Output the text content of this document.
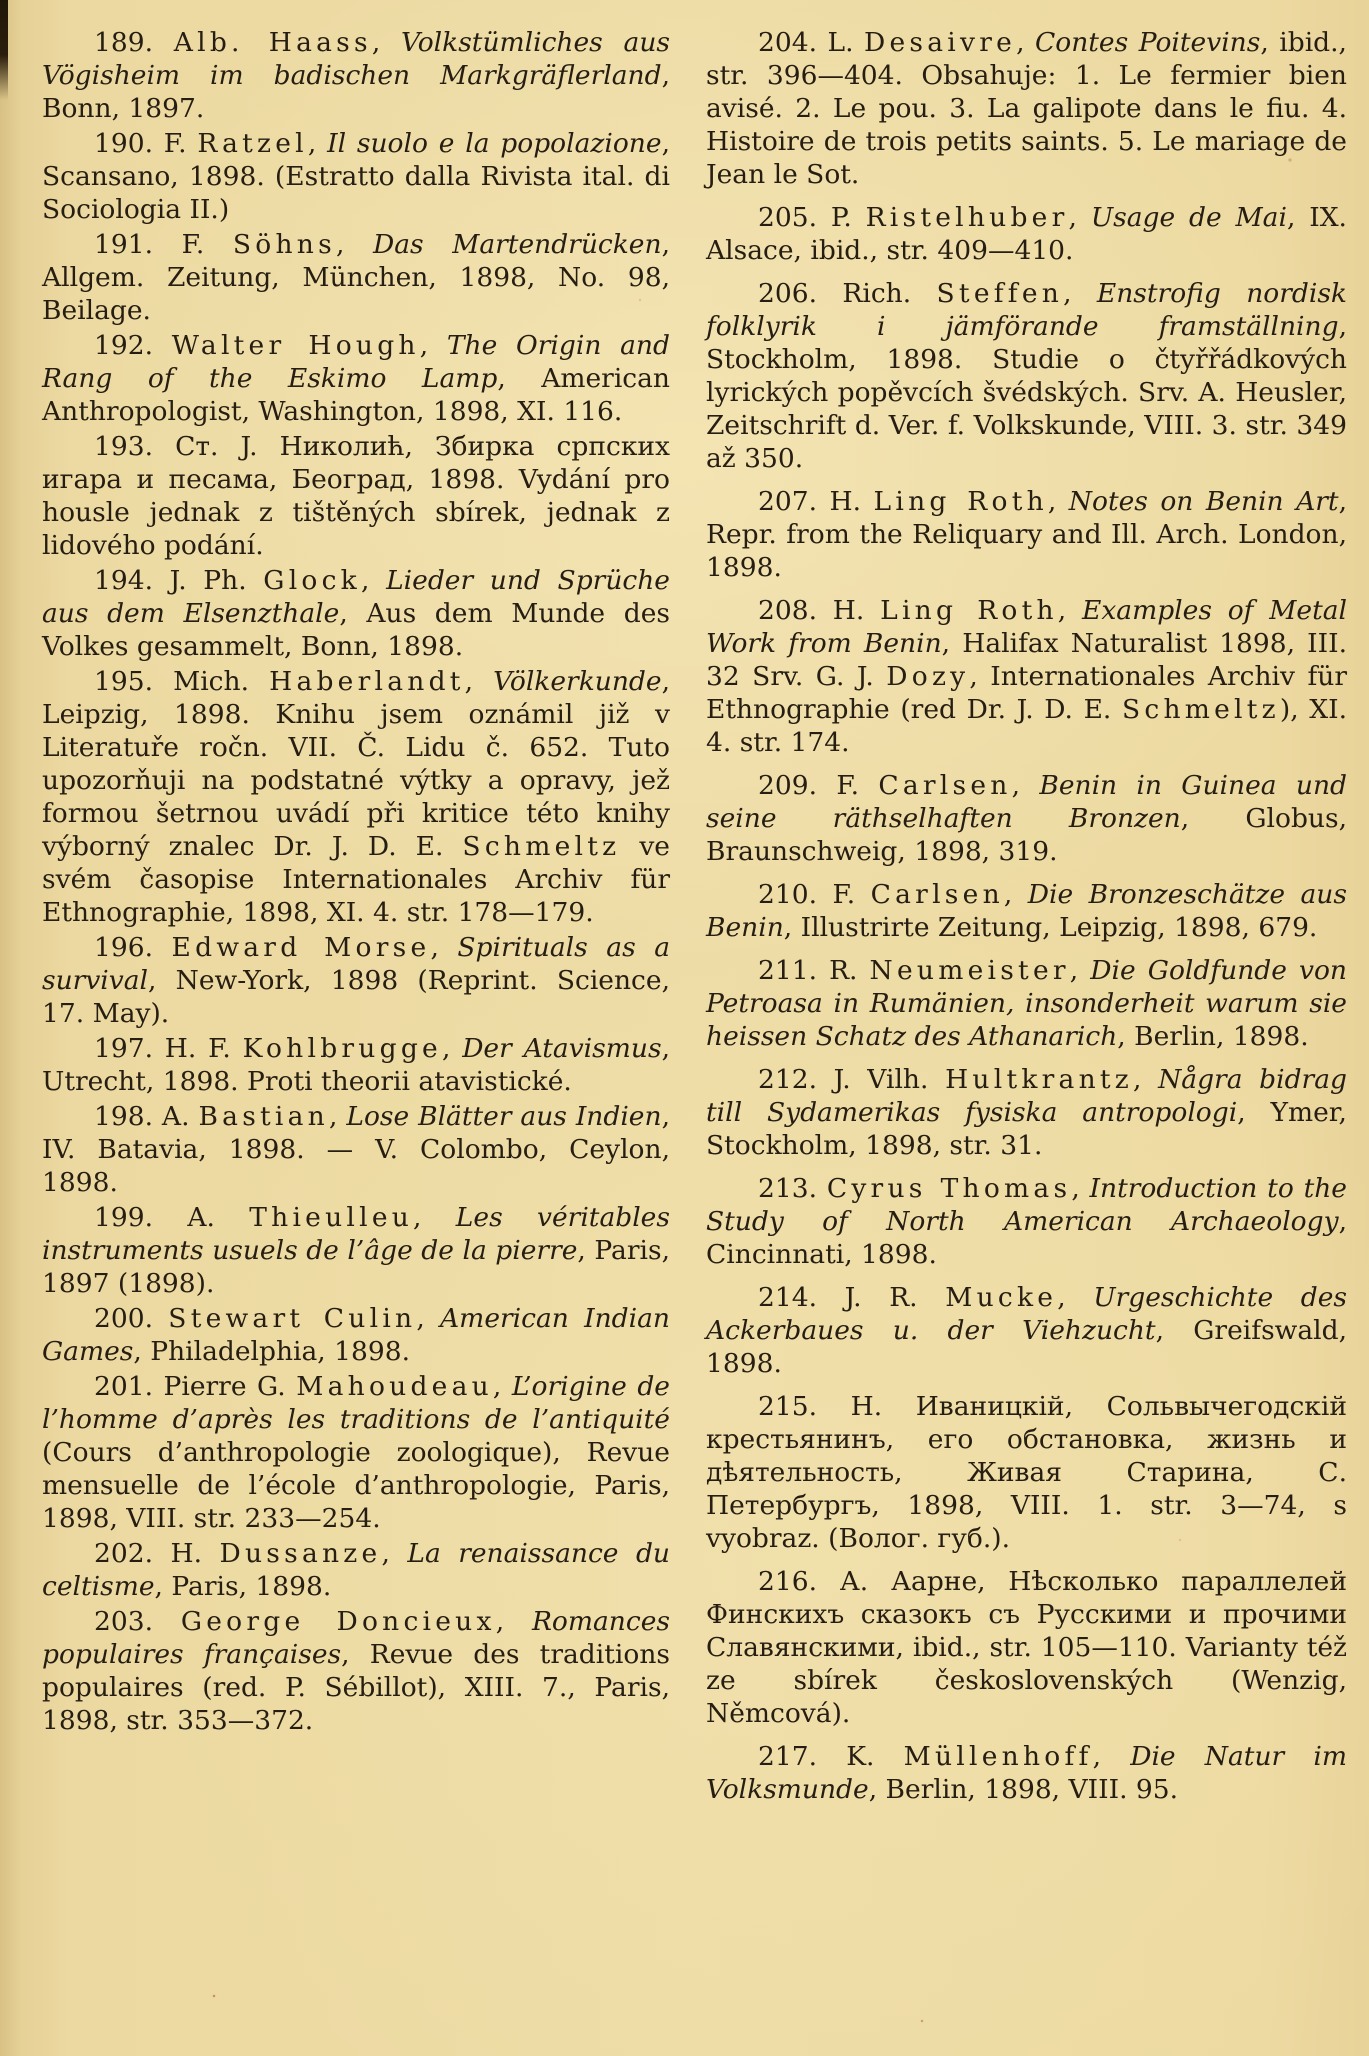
189. Alb. Haass, Volkstümliches aus Vögisheim im badischen Markgräflerland, Bonn, 1897.

190. F. Ratzel, Il suolo e la popolazione, Scansano, 1898. (Estratto dalla Rivista ital. di Sociologia II.)

191. F. Söhns, Das Martendrücken, Allgem. Zeitung, München, 1898, No. 98, Beilage.

192. Walter Hough, The Origin and Rang of the Eskimo Lamp, American Anthropologist, Washington, 1898, XI. 116.

193. Ст. J. Николић, Збирка српских игара и песама, Београд, 1898. Vydání pro housle jednak z tištěných sbírek, jednak z lidového podání.

194. J. Ph. Glock, Lieder und Sprüche aus dem Elsenzthale, Aus dem Munde des Volkes gesammelt, Bonn, 1898.

195. Mich. Haberlandt, Völkerkunde, Leipzig, 1898. Knihu jsem oznámil již v Literatuře ročn. VII. Č. Lidu č. 652. Tuto upozorňuji na podstatné výtky a opravy, jež formou šetrnou uvádí při kritice této knihy výborný znalec Dr. J. D. E. Schmeltz ve svém časopise Internationales Archiv für Ethnographie, 1898, XI. 4. str. 178—179.

196. Edward Morse, Spirituals as a survival, New-York, 1898 (Reprint. Science, 17. May).

197. H. F. Kohlbrugge, Der Atavismus, Utrecht, 1898. Proti theorii atavistické.

198. A. Bastian, Lose Blätter aus Indien, IV. Batavia, 1898. — V. Colombo, Ceylon, 1898.

199. A. Thieulleu, Les véritables instruments usuels de l’âge de la pierre, Paris, 1897 (1898).

200. Stewart Culin, American Indian Games, Philadelphia, 1898.

201. Pierre G. Mahoudeau, L’origine de l’homme d’après les traditions de l’antiquité (Cours d’anthropologie zoologique), Revue mensuelle de l’école d’anthropologie, Paris, 1898, VIII. str. 233—254.

202. H. Dussanze, La renaissance du celtisme, Paris, 1898.

203. George Doncieux, Romances populaires françaises, Revue des traditions populaires (red. P. Sébillot), XIII. 7., Paris, 1898, str. 353—372.

204. L. Desaivre, Contes Poitevins, ibid., str. 396—404. Obsahuje: 1. Le fermier bien avisé. 2. Le pou. 3. La galipote dans le fiu. 4. Histoire de trois petits saints. 5. Le mariage de Jean le Sot.

205. P. Ristelhuber, Usage de Mai, IX. Alsace, ibid., str. 409—410.

206. Rich. Steffen, Enstrofig nordisk folklyrik i jämförande framställning, Stockholm, 1898. Studie o čtyřřádkových lyrických popěvcích švédských. Srv. A. Heusler, Zeitschrift d. Ver. f. Volkskunde, VIII. 3. str. 349 až 350.

207. H. Ling Roth, Notes on Benin Art, Repr. from the Reliquary and Ill. Arch. London, 1898.

208. H. Ling Roth, Examples of Metal Work from Benin, Halifax Naturalist 1898, III. 32 Srv. G. J. Dozy, Internationales Archiv für Ethnographie (red Dr. J. D. E. Schmeltz), XI. 4. str. 174.

209. F. Carlsen, Benin in Guinea und seine räthselhaften Bronzen, Globus, Braunschweig, 1898, 319.

210. F. Carlsen, Die Bronzeschätze aus Benin, Illustrirte Zeitung, Leipzig, 1898, 679.

211. R. Neumeister, Die Goldfunde von Petroasa in Rumänien, insonderheit warum sie heissen Schatz des Athanarich, Berlin, 1898.

212. J. Vilh. Hultkrantz, Några bidrag till Sydamerikas fysiska antropologi, Ymer, Stockholm, 1898, str. 31.

213. Cyrus Thomas, Introduction to the Study of North American Archaeology, Cincinnati, 1898.

214. J. R. Mucke, Urgeschichte des Ackerbaues u. der Viehzucht, Greifswald, 1898.

215. Н. Иваницкій, Сольвычегодскій крестьянинъ, его обстановка, жизнь и дѣятельность, Живая Старина, С. Петербургъ, 1898, VIII. 1. str. 3—74, s vyobraz. (Волог. губ.).

216. А. Аарне, Нѣсколько параллелей Финскихъ сказокъ съ Русскими и прочими Славянскими, ibid., str. 105—110. Varianty též ze sbírek československých (Wenzig, Němcová).

217. K. Müllenhoff, Die Natur im Volksmunde, Berlin, 1898, VIII. 95.
